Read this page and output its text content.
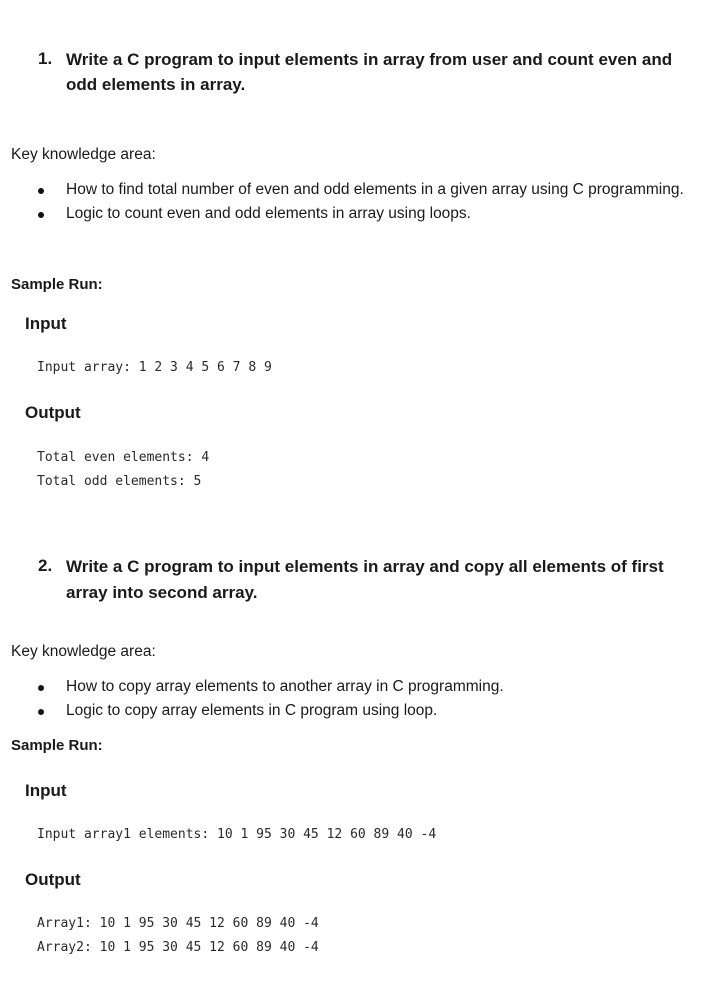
1. Write a C program to input elements in array from user and count even and
odd elements in array.
Key knowledge area:
How to find total number of even and odd elements in a given array using C programming.
Logic to count even and odd elements in array using loops.
Sample Run:
Input
Input array: 1 2 3 4 5 6 7 8 9
Output
Total even elements: 4
Total odd elements: 5
2. Write a C program to input elements in array and copy all elements of first
array into second array.
Key knowledge area:
How to copy array elements to another array in C programming.
Logic to copy array elements in C program using loop.
Sample Run:
Input
Input array1 elements: 10 1 95 30 45 12 60 89 40 -4
Output
Array1: 10 1 95 30 45 12 60 89 40 -4
Array2: 10 1 95 30 45 12 60 89 40 -4
